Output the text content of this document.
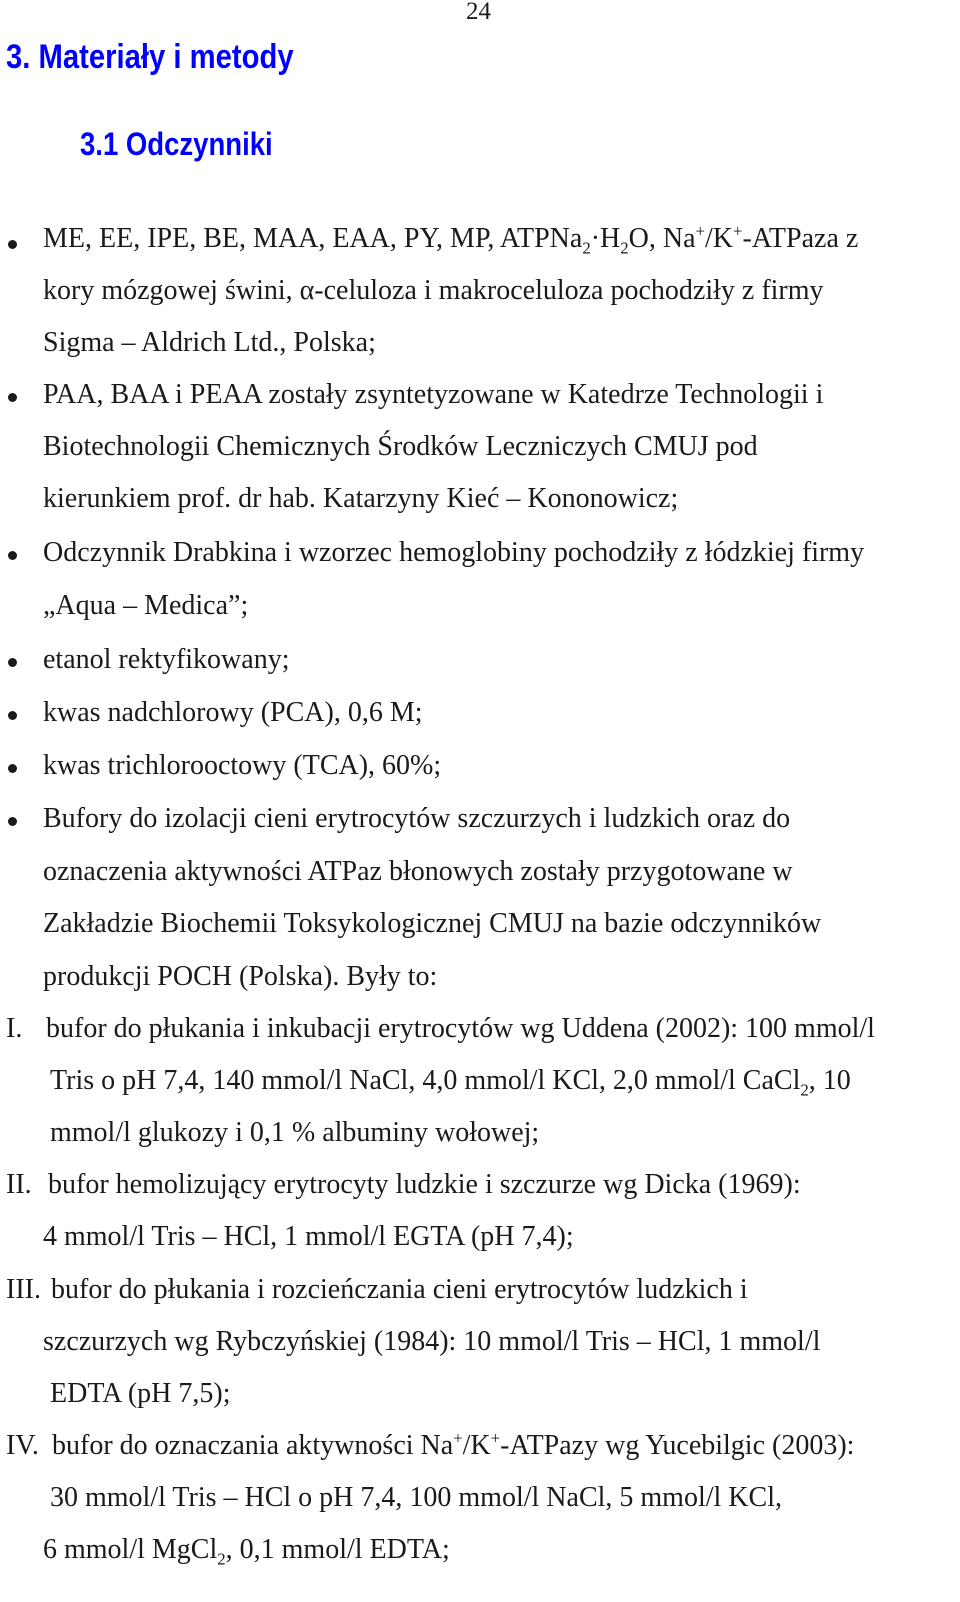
24
3. Materiały i metody
3.1 Odczynniki
ME, EE, IPE, BE, MAA, EAA, PY, MP, $ATPNa_2\cdot H_2O$, Na+/K+-ATPaza z
kory mózgowej świni, α-celuloza i makroceluloza pochodziły z firmy
Sigma – Aldrich Ltd., Polska;
PAA, BAA i PEAA zostały zsyntetyzowane w Katedrze Technologii i
Biotechnologii Chemicznych Środków Leczniczych CMUJ pod
kierunkiem prof. dr hab. Katarzyny Kieć – Kononowicz;
Odczynnik Drabkina i wzorzec hemoglobiny pochodziły z łódzkiej firmy
„Aqua – Medica”;
etanol rektyfikowany;
kwas nadchlorowy (PCA), 0,6 M;
kwas trichlorooctowy (TCA), 60%;
Bufory do izolacji cieni erytrocytów szczurzych i ludzkich oraz do
oznaczenia aktywności ATPaz błonowych zostały przygotowane w
Zakładzie Biochemii Toksykologicznej CMUJ na bazie odczynników
produkcji POCH (Polska). Były to:
I. bufor do płukania i inkubacji erytrocytów wg Uddena (2002): 100 mmol/l
Tris o pH 7,4, 140 mmol/l NaCl, 4,0 mmol/l KCl, 2,0 mmol/l CaCl$_2$, 10
mmol/l glukozy i 0,1 % albuminy wołowej;
II. bufor hemolizujący erytrocyty ludzkie i szczurze wg Dicka (1969):
4 mmol/l Tris – HCl, 1 mmol/l EGTA (pH 7,4);
III. bufor do płukania i rozcieńczania cieni erytrocytów ludzkich i
szczurzych wg Rybczyńskiej (1984): 10 mmol/l Tris – HCl, 1 mmol/l
EDTA (pH 7,5);
IV. bufor do oznaczania aktywności Na+/K+-ATPazy wg Yucebilgic (2003):
30 mmol/l Tris – HCl o pH 7,4, 100 mmol/l NaCl, 5 mmol/l KCl,
6 mmol/l MgCl$_2$, 0,1 mmol/l EDTA;
